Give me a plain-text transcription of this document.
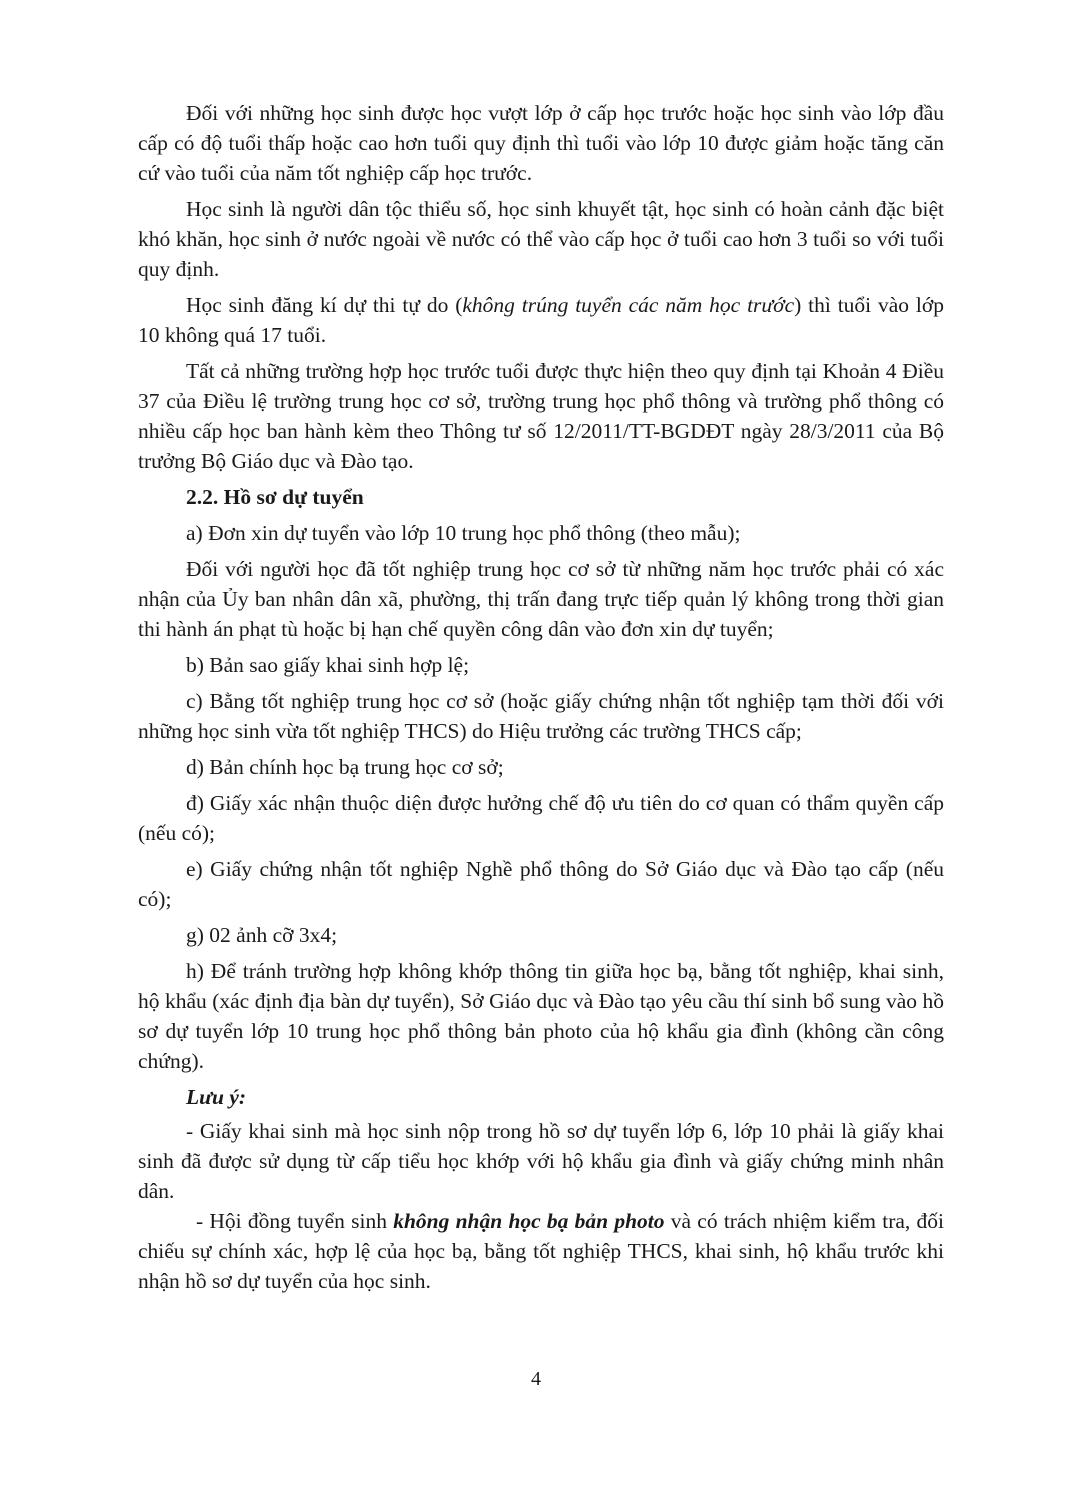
Đối với những học sinh được học vượt lớp ở cấp học trước hoặc học sinh vào lớp đầu cấp có độ tuổi thấp hoặc cao hơn tuổi quy định thì tuổi vào lớp 10 được giảm hoặc tăng căn cứ vào tuổi của năm tốt nghiệp cấp học trước.

Học sinh là người dân tộc thiểu số, học sinh khuyết tật, học sinh có hoàn cảnh đặc biệt khó khăn, học sinh ở nước ngoài về nước có thể vào cấp học ở tuổi cao hơn 3 tuổi so với tuổi quy định.

Học sinh đăng kí dự thi tự do (không trúng tuyển các năm học trước) thì tuổi vào lớp 10 không quá 17 tuổi.

Tất cả những trường hợp học trước tuổi được thực hiện theo quy định tại Khoản 4 Điều 37 của Điều lệ trường trung học cơ sở, trường trung học phổ thông và trường phổ thông có nhiều cấp học ban hành kèm theo Thông tư số 12/2011/TT-BGDĐT ngày 28/3/2011 của Bộ trưởng Bộ Giáo dục và Đào tạo.

2.2. Hồ sơ dự tuyển

a) Đơn xin dự tuyển vào lớp 10 trung học phổ thông (theo mẫu);

Đối với người học đã tốt nghiệp trung học cơ sở từ những năm học trước phải có xác nhận của Ủy ban nhân dân xã, phường, thị trấn đang trực tiếp quản lý không trong thời gian thi hành án phạt tù hoặc bị hạn chế quyền công dân vào đơn xin dự tuyển;

b) Bản sao giấy khai sinh hợp lệ;

c) Bằng tốt nghiệp trung học cơ sở (hoặc giấy chứng nhận tốt nghiệp tạm thời đối với những học sinh vừa tốt nghiệp THCS) do Hiệu trưởng các trường THCS cấp;

d) Bản chính học bạ trung học cơ sở;

đ) Giấy xác nhận thuộc diện được hưởng chế độ ưu tiên do cơ quan có thẩm quyền cấp (nếu có);

e) Giấy chứng nhận tốt nghiệp Nghề phổ thông do Sở Giáo dục và Đào tạo cấp (nếu có);

g) 02 ảnh cỡ 3x4;

h) Để tránh trường hợp không khớp thông tin giữa học bạ, bằng tốt nghiệp, khai sinh, hộ khẩu (xác định địa bàn dự tuyển), Sở Giáo dục và Đào tạo yêu cầu thí sinh bổ sung vào hồ sơ dự tuyển lớp 10 trung học phổ thông bản photo của hộ khẩu gia đình (không cần công chứng).

Lưu ý:

- Giấy khai sinh mà học sinh nộp trong hồ sơ dự tuyển lớp 6, lớp 10 phải là giấy khai sinh đã được sử dụng từ cấp tiểu học khớp với hộ khẩu gia đình và giấy chứng minh nhân dân.

- Hội đồng tuyển sinh không nhận học bạ bản photo và có trách nhiệm kiểm tra, đối chiếu sự chính xác, hợp lệ của học bạ, bằng tốt nghiệp THCS, khai sinh, hộ khẩu trước khi nhận hồ sơ dự tuyển của học sinh.

4
